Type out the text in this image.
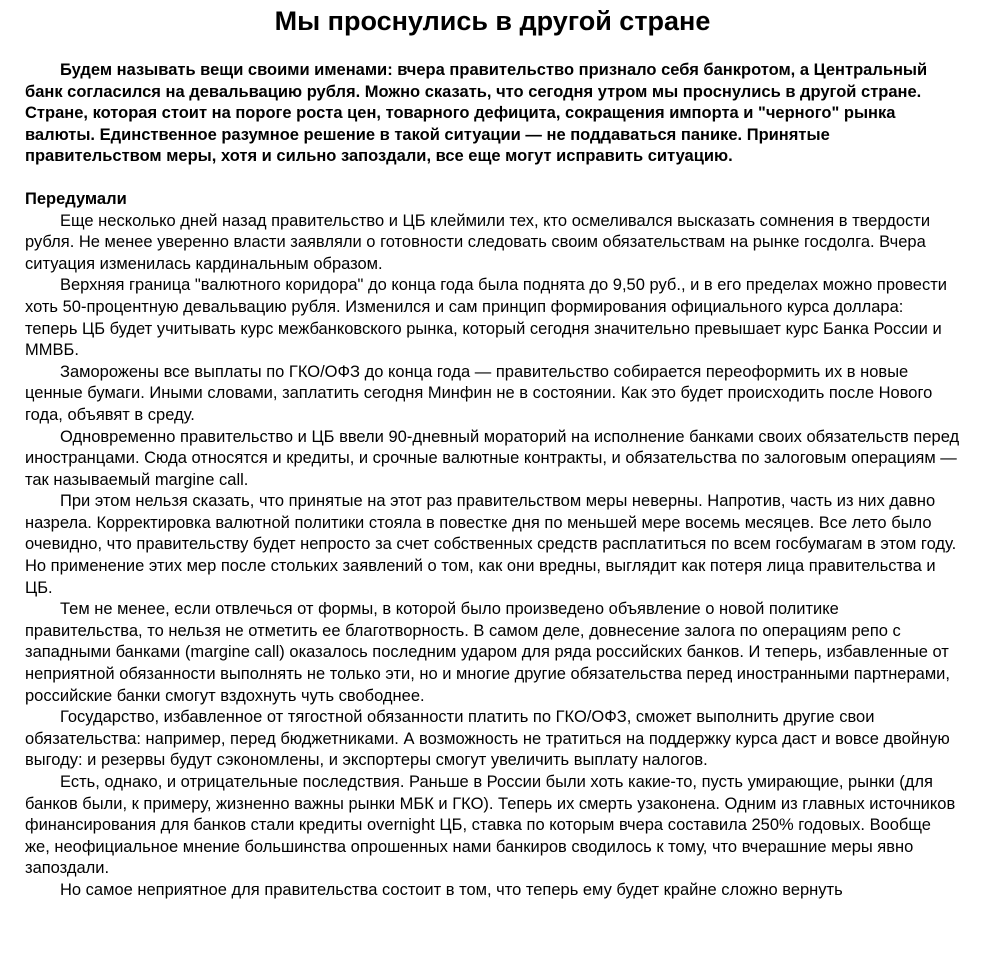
Мы проснулись в другой стране

Будем называть вещи своими именами: вчера правительство признало себя банкротом, а Центральный банк согласился на девальвацию рубля. Можно сказать, что сегодня утром мы проснулись в другой стране. Стране, которая стоит на пороге роста цен, товарного дефицита, сокращения импорта и "черного" рынка валюты. Единственное разумное решение в такой ситуации — не поддаваться панике. Принятые правительством меры, хотя и сильно запоздали, все еще могут исправить ситуацию.

Передумали

Еще несколько дней назад правительство и ЦБ клеймили тех, кто осмеливался высказать сомнения в твердости рубля. Не менее уверенно власти заявляли о готовности следовать своим обязательствам на рынке госдолга. Вчера ситуация изменилась кардинальным образом.

Верхняя граница "валютного коридора" до конца года была поднята до 9,50 руб., и в его пределах можно провести хоть 50-процентную девальвацию рубля. Изменился и сам принцип формирования официального курса доллара: теперь ЦБ будет учитывать курс межбанковского рынка, который сегодня значительно превышает курс Банка России и ММВБ.

Заморожены все выплаты по ГКО/ОФЗ до конца года — правительство собирается переоформить их в новые ценные бумаги. Иными словами, заплатить сегодня Минфин не в состоянии. Как это будет происходить после Нового года, объявят в среду.

Одновременно правительство и ЦБ ввели 90-дневный мораторий на исполнение банками своих обязательств перед иностранцами. Сюда относятся и кредиты, и срочные валютные контракты, и обязательства по залоговым операциям — так называемый margine call.

При этом нельзя сказать, что принятые на этот раз правительством меры неверны. Напротив, часть из них давно назрела. Корректировка валютной политики стояла в повестке дня по меньшей мере восемь месяцев. Все лето было очевидно, что правительству будет непросто за счет собственных средств расплатиться по всем госбумагам в этом году. Но применение этих мер после стольких заявлений о том, как они вредны, выглядит как потеря лица правительства и ЦБ.

Тем не менее, если отвлечься от формы, в которой было произведено объявление о новой политике правительства, то нельзя не отметить ее благотворность. В самом деле, довнесение залога по операциям репо с западными банками (margine call) оказалось последним ударом для ряда российских банков. И теперь, избавленные от неприятной обязанности выполнять не только эти, но и многие другие обязательства перед иностранными партнерами, российские банки смогут вздохнуть чуть свободнее.

Государство, избавленное от тягостной обязанности платить по ГКО/ОФЗ, сможет выполнить другие свои обязательства: например, перед бюджетниками. А возможность не тратиться на поддержку курса даст и вовсе двойную выгоду: и резервы будут сэкономлены, и экспортеры смогут увеличить выплату налогов.

Есть, однако, и отрицательные последствия. Раньше в России были хоть какие-то, пусть умирающие, рынки (для банков были, к примеру, жизненно важны рынки МБК и ГКО). Теперь их смерть узаконена. Одним из главных источников финансирования для банков стали кредиты overnight ЦБ, ставка по которым вчера составила 250% годовых. Вообще же, неофициальное мнение большинства опрошенных нами банкиров сводилось к тому, что вчерашние меры явно запоздали.

Но самое неприятное для правительства состоит в том, что теперь ему будет крайне сложно вернуть
